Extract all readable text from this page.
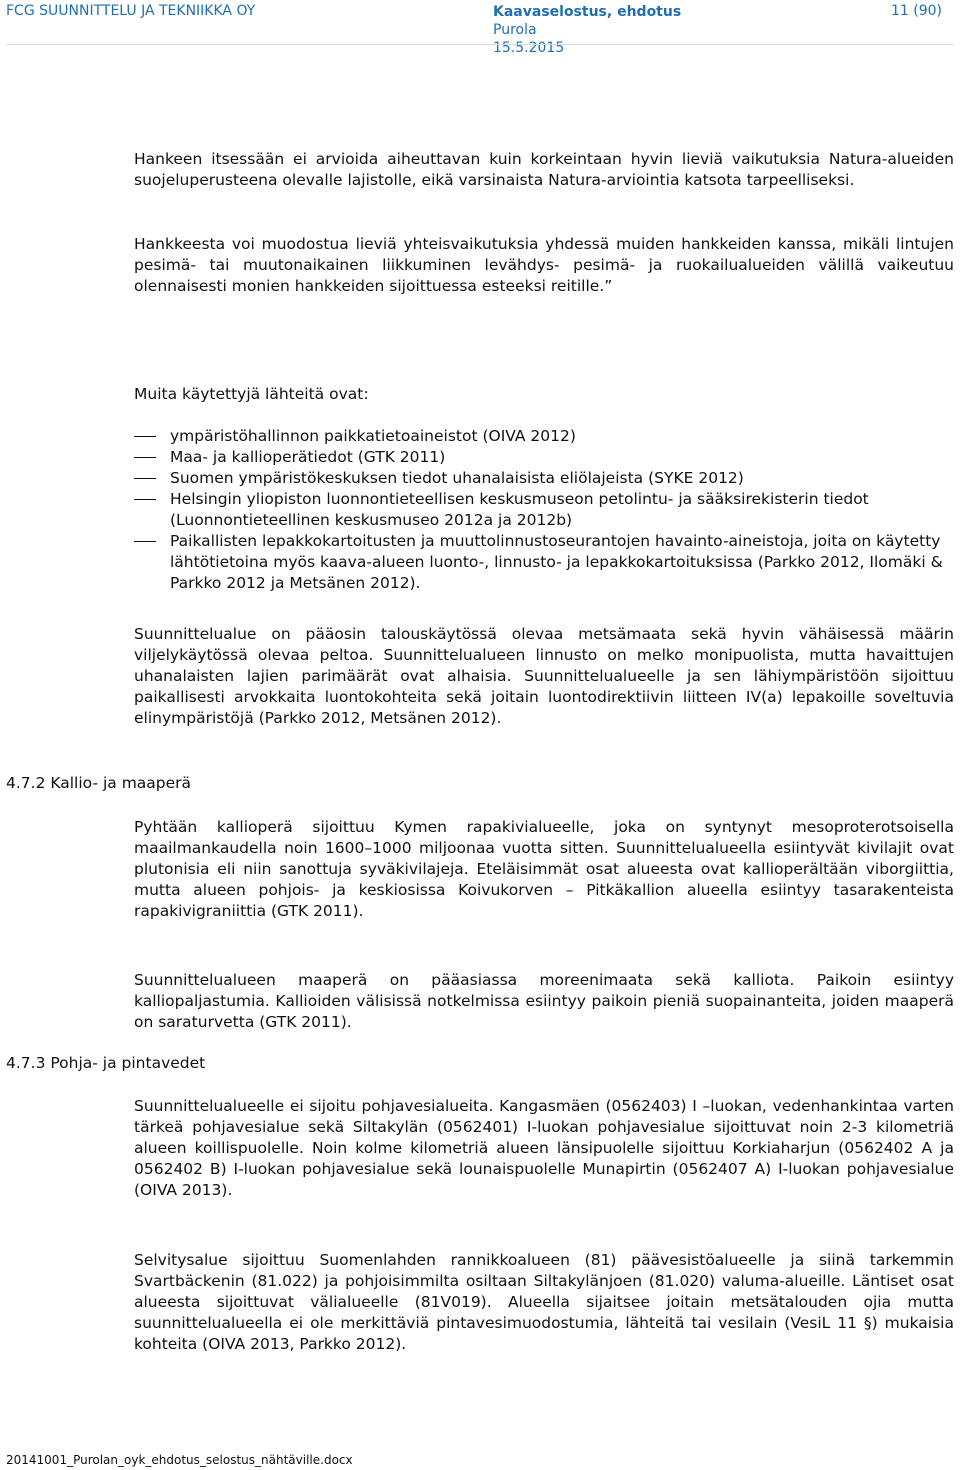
FCG SUUNNITTELU JA TEKNIIKKA OY	Kaavaselostus, ehdotus
Purola
15.5.2015
11 (90)
Hankeen itsessään ei arvioida aiheuttavan kuin korkeintaan hyvin lieviä vaikutuksia Natura-alueiden suojeluperusteena olevalle lajistolle, eikä varsinaista Natura-arviointia katsota tarpeelliseksi.
Hankkeesta voi muodostua lieviä yhteisvaikutuksia yhdessä muiden hankkeiden kanssa, mikäli lintujen pesimä- tai muutonaikainen liikkuminen levähdys- pesimä- ja ruokailualueiden välillä vaikeutuu olennaisesti monien hankkeiden sijoittuessa esteeksi reitille.”
Muita käytettyjä lähteitä ovat:
ympäristöhallinnon paikkatietoaineistot (OIVA 2012)
Maa- ja kallioperätiedot (GTK 2011)
Suomen ympäristökeskuksen tiedot uhanalaisista eliölajeista (SYKE 2012)
Helsingin yliopiston luonnontieteellisen keskusmuseon petolintu- ja sääksirekisterin tiedot (Luonnontieteellinen keskusmuseo 2012a ja 2012b)
Paikallisten lepakkokartoitusten ja muuttolinnustoseurantojen havainto-aineistoja, joita on käytetty lähtötietoina myös kaava-alueen luonto-, linnusto- ja lepakkokartoituksissa (Parkko 2012, Ilomäki & Parkko 2012 ja Metsänen 2012).
Suunnittelualue on pääosin talouskäytössä olevaa metsämaata sekä hyvin vähäisessä määrin viljelykäytössä olevaa peltoa. Suunnittelualueen linnusto on melko monipuolista, mutta havaittujen uhanalaisten lajien parimäärät ovat alhaisia. Suunnittelualueelle ja sen lähiympäristöön sijoittuu paikallisesti arvokkaita luontokohteita sekä joitain luontodirektiivin liitteen IV(a) lepakoille soveltuvia elinympäristöjä (Parkko 2012, Metsänen 2012).
4.7.2 Kallio- ja maaperä
Pyhtään kallioperä sijoittuu Kymen rapakivialueelle, joka on syntynyt mesoproterotsoisella maailmankaudella noin 1600–1000 miljoonaa vuotta sitten. Suunnittelualueella esiintyvät kivilajit ovat plutonisia eli niin sanottuja syväkivilajeja. Eteläisimmät osat alueesta ovat kallioperältään viborgiittia, mutta alueen pohjois- ja keskiosissa Koivukorven – Pitkäkallion alueella esiintyy tasarakenteista rapakivigraniittia (GTK 2011).
Suunnittelualueen maaperä on pääasiassa moreenimaata sekä kalliota. Paikoin esiintyy kalliopaljastumia. Kallioiden välisissä notkelmissa esiintyy paikoin pieniä suopainanteita, joiden maaperä on saraturvetta (GTK 2011).
4.7.3 Pohja- ja pintavedet
Suunnittelualueelle ei sijoitu pohjavesialueita. Kangasmäen (0562403) I –luokan, vedenhankintaa varten tärkeä pohjavesialue sekä Siltakylän (0562401) I-luokan pohjavesialue sijoittuvat noin 2-3 kilometriä alueen koillispuolelle. Noin kolme kilometriä alueen länsipuolelle sijoittuu Korkiaharjun (0562402 A ja 0562402 B) I-luokan pohjavesialue sekä lounaispuolelle Munapirtin (0562407 A) I-luokan pohjavesialue (OIVA 2013).
Selvitysalue sijoittuu Suomenlahden rannikkoalueen (81) päävesistöalueelle ja siinä tarkemmin Svartbäckenin (81.022) ja pohjoisimmilta osiltaan Siltakylänjoen (81.020) valuma-alueille. Läntiset osat alueesta sijoittuvat välialueelle (81V019). Alueella sijaitsee joitain metsätalouden ojia mutta suunnittelualueella ei ole merkittäviä pintavesimuodostumia, lähteitä tai vesilain (VesiL 11 §) mukaisia kohteita (OIVA 2013, Parkko 2012).
20141001_Purolan_oyk_ehdotus_selostus_nähtäville.docx
